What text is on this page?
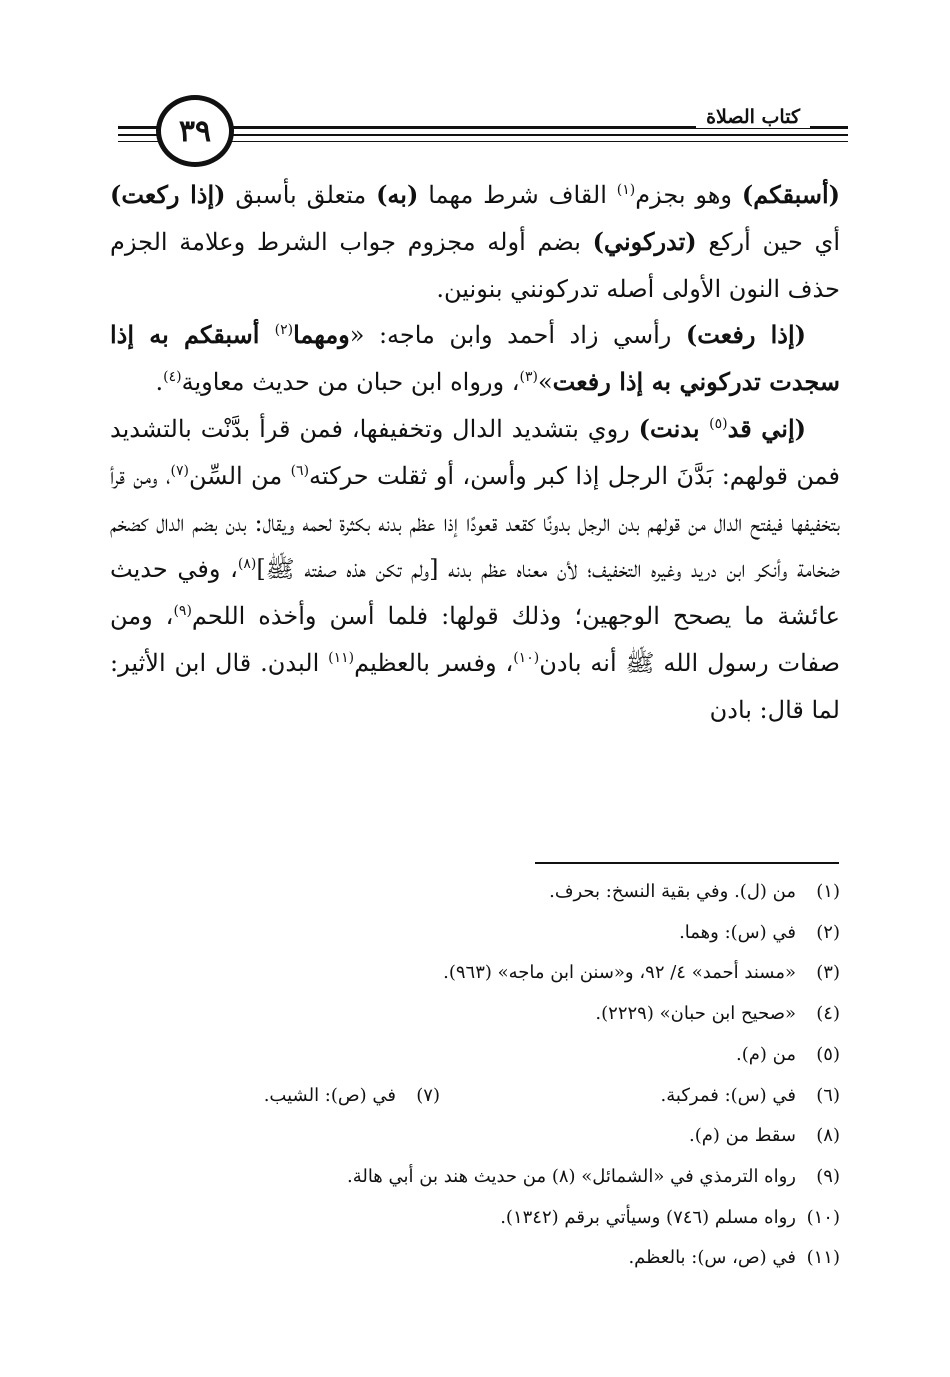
كتاب الصلاة
٣٩

(أسبقكم) وهو بجزم$^{(١)}$ القاف شرط مهما (به) متعلق بأسبق (إذا ركعت) أي حين أركع (تدركوني) بضم أوله مجزوم جواب الشرط وعلامة الجزم حذف النون الأولى أصله تدركونني بنونين.

(إذا رفعت) رأسي زاد أحمد وابن ماجه: «ومهما$^{(٢)}$ أسبقكم به إذا سجدت تدركوني به إذا رفعت»$^{(٣)}$، ورواه ابن حبان من حديث معاوية$^{(٤)}$.

(إني قد$^{(٥)}$ بدنت) روي بتشديد الدال وتخفيفها، فمن قرأ بدَّنْت بالتشديد فمن قولهم: بَدَّنَ الرجل إذا كبر وأسن، أو ثقلت حركته$^{(٦)}$ من السِّن$^{(٧)}$، ومن قرأ بتخفيفها فيفتح الدال من قولهم بدن الرجل بدونًا كقعد قعودًا إذا عظم بدنه بكثرة لحمه ويقال: بدن بضم الدال كضخم ضخامة وأنكر ابن دريد وغيره التخفيف؛ لأن معناه عظم بدنه [ولم تكن هذه صفته ﷺ]$^{(٨)}$، وفي حديث عائشة ما يصحح الوجهين؛ وذلك قولها: فلما أسن وأخذه اللحم$^{(٩)}$، ومن صفات رسول الله ﷺ أنه بادن$^{(١٠)}$، وفسر بالعظيم$^{(١١)}$ البدن. قال ابن الأثير: لما قال: بادن

(١)من (ل). وفي بقية النسخ: بحرف.
(٢)في (س): وهما.
(٣)«مسند أحمد» ٤/ ٩٢، و«سنن ابن ماجه» (٩٦٣).
(٤)«صحيح ابن حبان» (٢٢٢٩).
(٥)من (م).
(٦)في (س): فمركبة.
(٧)في (ص): الشيب.
(٨)سقط من (م).
(٩)رواه الترمذي في «الشمائل» (٨) من حديث هند بن أبي هالة.
(١٠)رواه مسلم (٧٤٦) وسيأتي برقم (١٣٤٢).
(١١)في (ص، س): بالعظم.
